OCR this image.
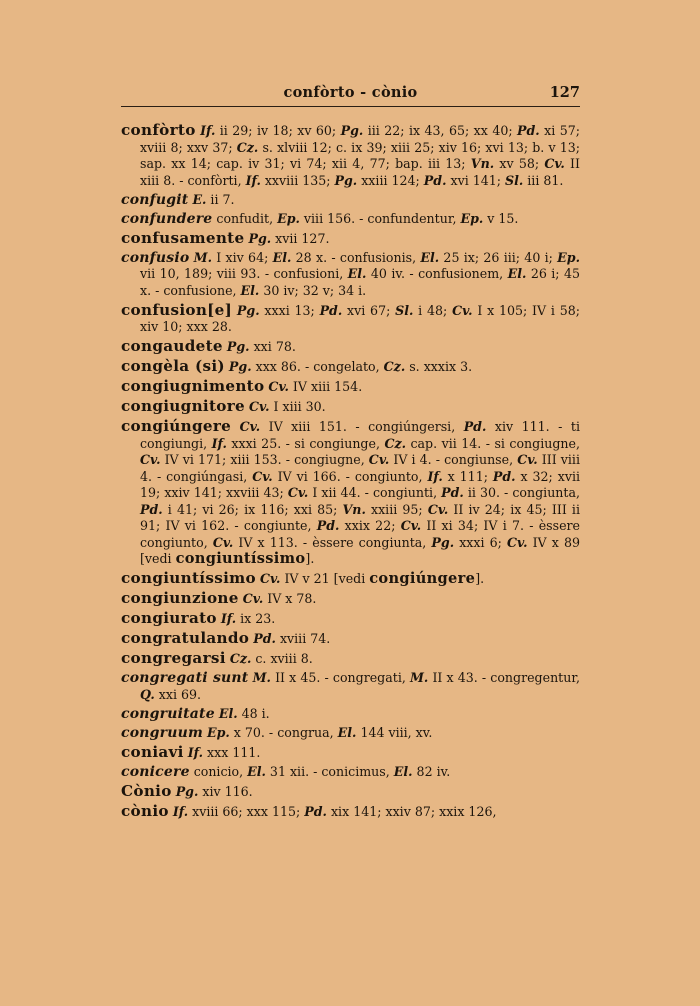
confòrto - cònio	127

confòrto If. ii 29; iv 18; xv 60; Pg. iii 22; ix 43, 65; xx 40; Pd. xi 57; xviii 8; xxv 37; Cz. s. xlviii 12; c. ix 39; xiii 25; xiv 16; xvi 13; b. v 13; sap. xx 14; cap. iv 31; vi 74; xii 4, 77; bap. iii 13; Vn. xv 58; Cv. II xiii 8. - confòrti, If. xxviii 135; Pg. xxiii 124; Pd. xvi 141; Sl. iii 81.

confugit E. ii 7.

confundere confudit, Ep. viii 156. - confundentur, Ep. v 15.

confusamente Pg. xvii 127.

confusio M. I xiv 64; El. 28 x. - confusionis, El. 25 ix; 26 iii; 40 i; Ep. vii 10, 189; viii 93. - confusioni, El. 40 iv. - confusionem, El. 26 i; 45 x. - confusione, El. 30 iv; 32 v; 34 i.

confusion[e] Pg. xxxi 13; Pd. xvi 67; Sl. i 48; Cv. I x 105; IV i 58; xiv 10; xxx 28.

congaudete Pg. xxi 78.

congèla (si) Pg. xxx 86. - congelato, Cz. s. xxxix 3.

congiugnimento Cv. IV xiii 154.

congiugnitore Cv. I xiii 30.

congiúngere Cv. IV xiii 151. - congiúngersi, Pd. xiv 111. - ti congiungi, If. xxxi 25. - si congiunge, Cz. cap. vii 14. - si congiugne, Cv. IV vi 171; xiii 153. - congiugne, Cv. IV i 4. - congiunse, Cv. III viii 4. - congiúngasi, Cv. IV vi 166. - congiunto, If. x 111; Pd. x 32; xvii 19; xxiv 141; xxviii 43; Cv. I xii 44. - congiunti, Pd. ii 30. - congiunta, Pd. i 41; vi 26; ix 116; xxi 85; Vn. xxiii 95; Cv. II iv 24; ix 45; III ii 91; IV vi 162. - congiunte, Pd. xxix 22; Cv. II xi 34; IV i 7. - èssere congiunto, Cv. IV x 113. - èssere congiunta, Pg. xxxi 6; Cv. IV x 89 [vedi congiuntíssimo].

congiuntíssimo Cv. IV v 21 [vedi congiúngere].

congiunzione Cv. IV x 78.

congiurato If. ix 23.

congratulando Pd. xviii 74.

congregarsi Cz. c. xviii 8.

congregati sunt M. II x 45. - congregati, M. II x 43. - congregentur, Q. xxi 69.

congruitate El. 48 i.

congruum Ep. x 70. - congrua, El. 144 viii, xv.

coniavi If. xxx 111.

conicere conicio, El. 31 xii. - conicimus, El. 82 iv.

Cònio Pg. xiv 116.

cònio If. xviii 66; xxx 115; Pd. xix 141; xxiv 87; xxix 126,
